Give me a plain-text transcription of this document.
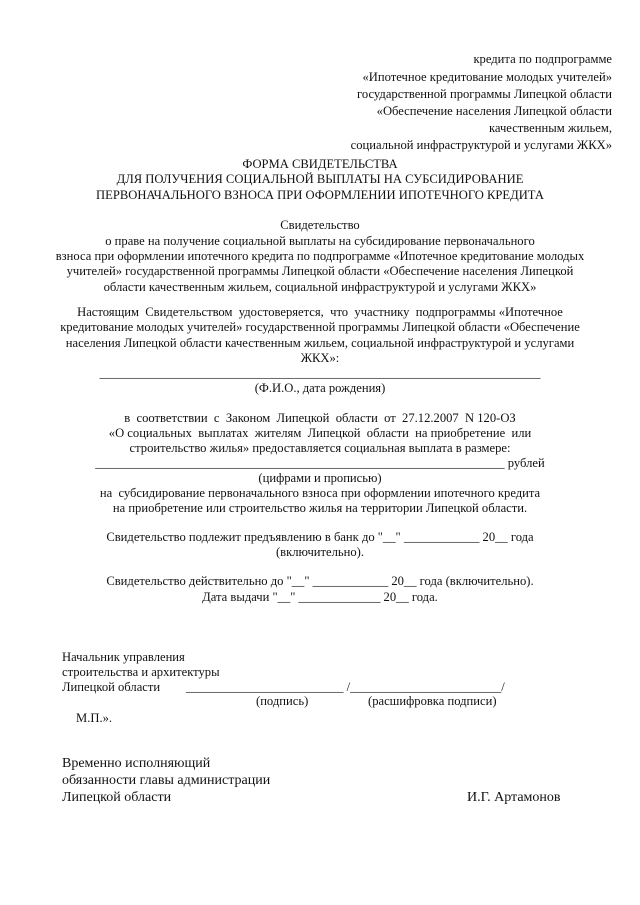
кредита по подпрограмме
«Ипотечное кредитование молодых учителей»
государственной программы Липецкой области
«Обеспечение населения Липецкой области
качественным жильем,
социальной инфраструктурой и услугами ЖКХ»
ФОРМА СВИДЕТЕЛЬСТВА
ДЛЯ ПОЛУЧЕНИЯ СОЦИАЛЬНОЙ ВЫПЛАТЫ НА СУБСИДИРОВАНИЕ
ПЕРВОНАЧАЛЬНОГО ВЗНОСА ПРИ ОФОРМЛЕНИИ ИПОТЕЧНОГО КРЕДИТА
Свидетельство
о праве на получение социальной выплаты на субсидирование первоначального
взноса при оформлении ипотечного кредита по подпрограмме «Ипотечное кредитование молодых
учителей» государственной программы Липецкой области «Обеспечение населения Липецкой
области качественным жильем, социальной инфраструктурой и услугами ЖКХ»
Настоящим  Свидетельством  удостоверяется,  что  участнику  подпрограммы «Ипотечное
кредитование молодых учителей» государственной программы Липецкой области «Обеспечение
населения Липецкой области качественным жильем, социальной инфраструктурой и услугами
ЖКХ»:
______________________________________________________________________
(Ф.И.О., дата рождения)
в  соответствии  с  Законом  Липецкой  области  от  27.12.2007  N 120-ОЗ
«О социальных  выплатах  жителям  Липецкой  области  на приобретение  или
строительство жилья» предоставляется социальная выплата в размере:
_________________________________________________________________ рублей
(цифрами и прописью)
на  субсидирование первоначального взноса при оформлении ипотечного кредита
на приобретение или строительство жилья на территории Липецкой области.
Свидетельство подлежит предъявлению в банк до "__" ____________ 20__ года
(включительно).
Свидетельство действительно до "__" ____________ 20__ года (включительно).
Дата выдачи "__" _____________ 20__ года.
Начальник управления
строительства и архитектуры
Липецкой области _________________________ /________________________/
(подпись)	(расшифровка подписи)
М.П.».
Временно исполняющий
обязанности главы администрации
Липецкой области	И.Г. Артамонов
